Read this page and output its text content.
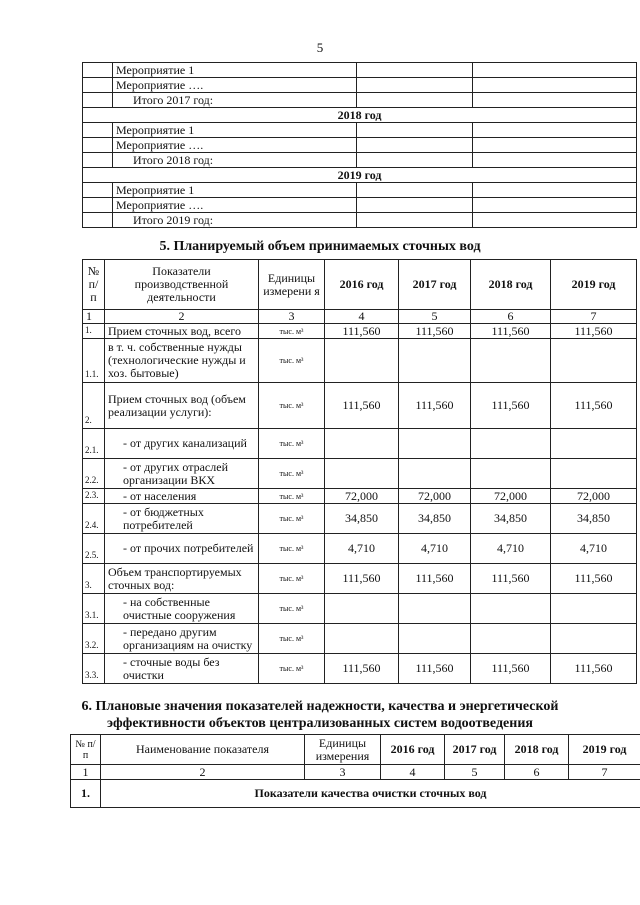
5
	Мероприятие 1		
	Мероприятие ….		
	Итого 2017 год:		
2018 год			
	Мероприятие 1		
	Мероприятие ….		
	Итого 2018 год:		
2019 год			
	Мероприятие 1		
	Мероприятие ….		
	Итого 2019 год:		
5. Планируемый объем принимаемых сточных вод
№ п/ п	Показатели производственной деятельности	Единицы измерени я	2016 год	2017 год	2018 год	2019 год
1	2	3	4	5	6	7
1.	Прием сточных вод, всего	тыс. м³	111,560	111,560	111,560	111,560
1.1.	в т. ч. собственные нужды (технологические нужды и хоз. бытовые)	тыс. м³				
2.	Прием сточных вод (объем реализации услуги):	тыс. м³	111,560	111,560	111,560	111,560
2.1.	- от других канализаций	тыс. м³				
2.2.	- от других отраслей организации ВКХ	тыс. м³				
2.3.	- от населения	тыс. м³	72,000	72,000	72,000	72,000
2.4.	- от бюджетных потребителей	тыс. м³	34,850	34,850	34,850	34,850
2.5.	- от прочих потребителей	тыс. м³	4,710	4,710	4,710	4,710
3.	Объем транспортируемых сточных вод:	тыс. м³	111,560	111,560	111,560	111,560
3.1.	- на собственные очистные сооружения	тыс. м³				
3.2.	- передано другим организациям на очистку	тыс. м³				
3.3.	- сточные воды без очистки	тыс. м³	111,560	111,560	111,560	111,560
6. Плановые значения показателей надежности, качества и энергетической
эффективности объектов централизованных систем водоотведения
№ п/п	Наименование показателя	Единицы измерения	2016 год	2017 год	2018 год	2019 год
1	2	3	4	5	6	7
1.	Показатели качества очистки сточных вод					
